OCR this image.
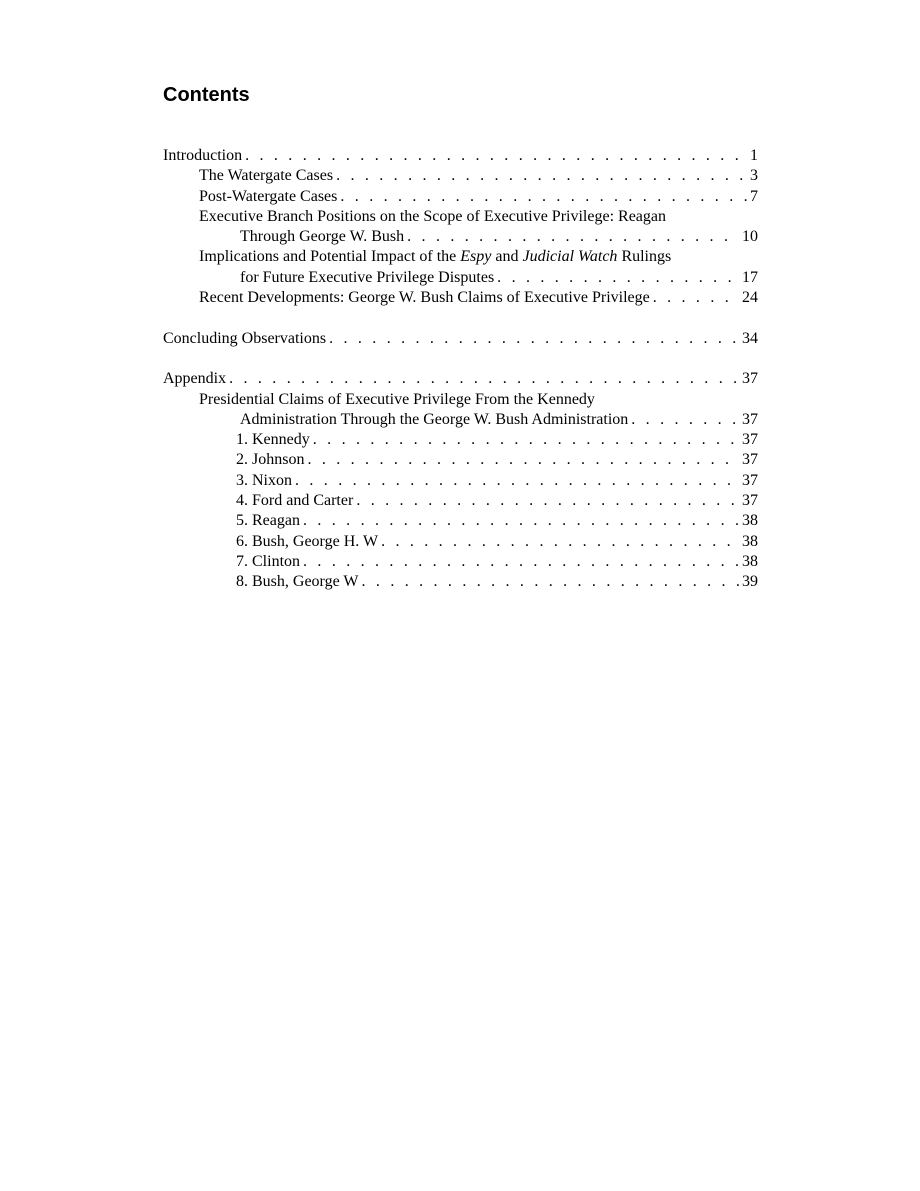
Contents
Introduction . . .	1
The Watergate Cases . . .	3
Post-Watergate Cases . . .	7
Executive Branch Positions on the Scope of Executive Privilege: Reagan
Through George W. Bush . . .	10
Implications and Potential Impact of the Espy and Judicial Watch Rulings
for Future Executive Privilege Disputes . . .	17
Recent Developments: George W. Bush Claims of Executive Privilege . . .	24
Concluding Observations . . .	34
Appendix . . .	37
Presidential Claims of Executive Privilege From the Kennedy
Administration Through the George W. Bush Administration . . .	37
1. Kennedy . . .	37
2. Johnson . . .	37
3. Nixon . . .	37
4. Ford and Carter . . .	37
5. Reagan . . .	38
6. Bush, George H. W . . .	38
7. Clinton . . .	38
8. Bush, George W . . .	39
